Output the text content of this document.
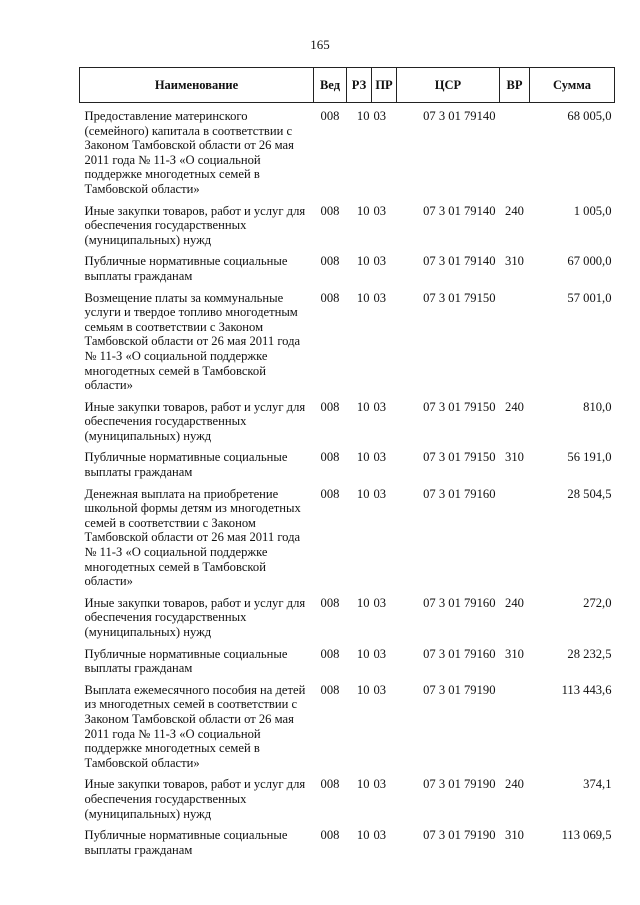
165
Наименование	Вед	РЗ	ПР	ЦСР	ВР	Сумма
Предоставление материнского (семейного) капитала в соответствии с Законом Тамбовской области от 26 мая 2011 года № 11-З «О социальной поддержке многодетных семей в Тамбовской области»	008	10	03	07 3 01 79140		68 005,0
Иные закупки товаров, работ и услуг для обеспечения государственных (муниципальных) нужд	008	10	03	07 3 01 79140	240	1 005,0
Публичные нормативные социальные выплаты гражданам	008	10	03	07 3 01 79140	310	67 000,0
Возмещение платы за коммунальные услуги и твердое топливо многодетным семьям в соответствии с Законом Тамбовской области от 26 мая 2011 года № 11-З «О социальной поддержке многодетных семей в Тамбовской области»	008	10	03	07 3 01 79150		57 001,0
Иные закупки товаров, работ и услуг для обеспечения государственных (муниципальных) нужд	008	10	03	07 3 01 79150	240	810,0
Публичные нормативные социальные выплаты гражданам	008	10	03	07 3 01 79150	310	56 191,0
Денежная выплата на приобретение школьной формы детям из многодетных семей в соответствии с Законом Тамбовской области от 26 мая 2011 года № 11-З «О социальной поддержке многодетных семей в Тамбовской области»	008	10	03	07 3 01 79160		28 504,5
Иные закупки товаров, работ и услуг для обеспечения государственных (муниципальных) нужд	008	10	03	07 3 01 79160	240	272,0
Публичные нормативные социальные выплаты гражданам	008	10	03	07 3 01 79160	310	28 232,5
Выплата ежемесячного пособия на детей из многодетных семей в соответствии с Законом Тамбовской области от 26 мая 2011 года № 11-З «О социальной поддержке многодетных семей в Тамбовской области»	008	10	03	07 3 01 79190		113 443,6
Иные закупки товаров, работ и услуг для обеспечения государственных (муниципальных) нужд	008	10	03	07 3 01 79190	240	374,1
Публичные нормативные социальные выплаты гражданам	008	10	03	07 3 01 79190	310	113 069,5
